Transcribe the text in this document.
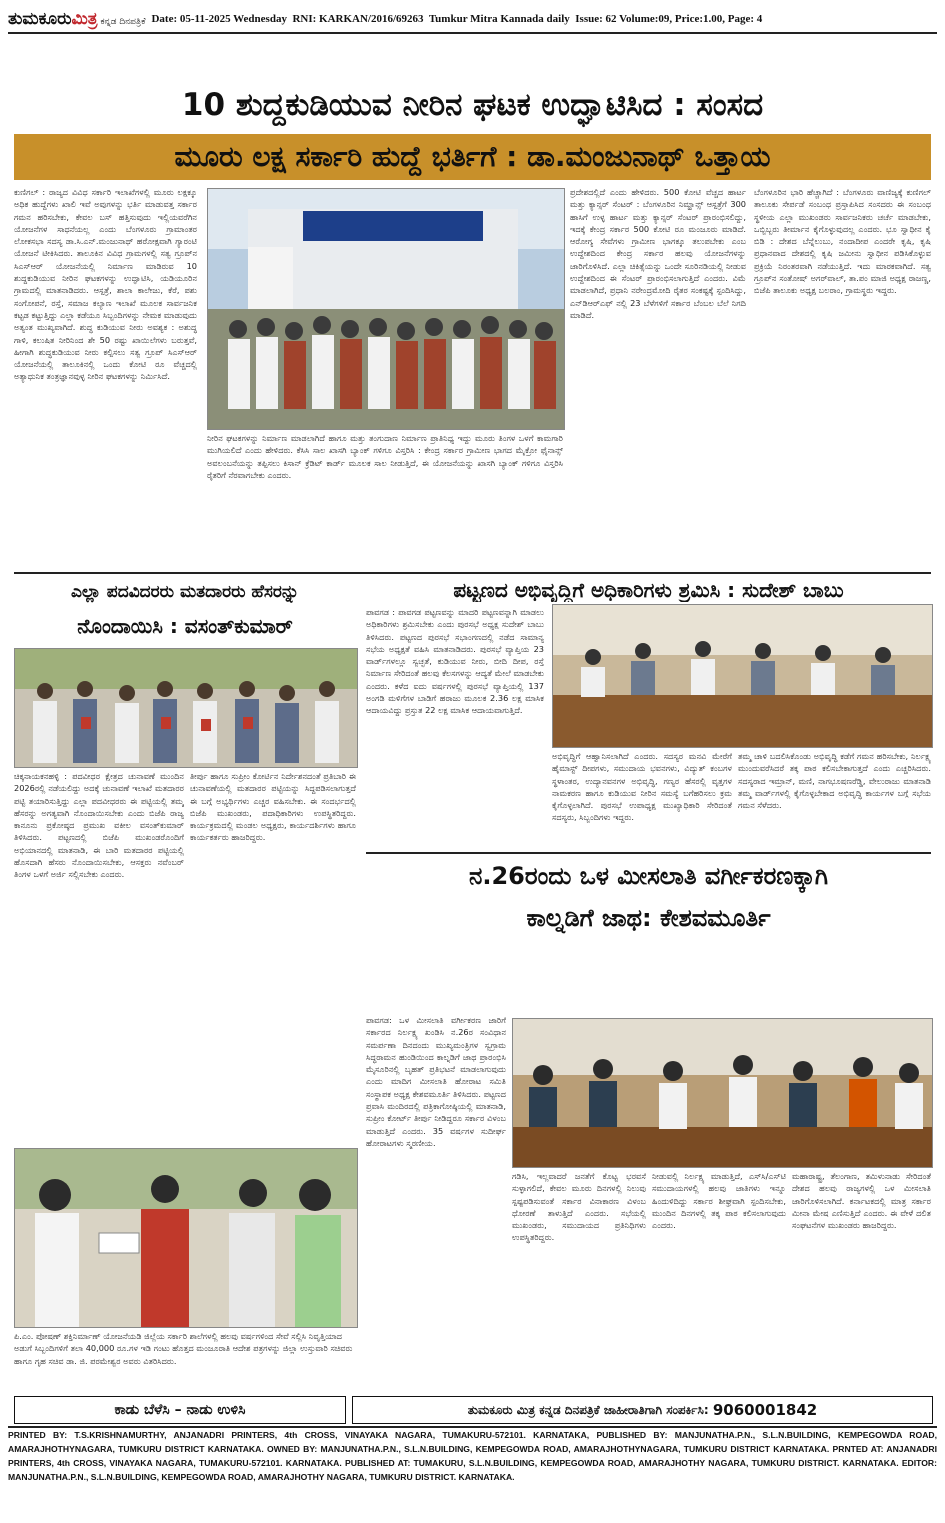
ತುಮಕೂರುಮಿತ್ರ ಕನ್ನಡ ದಿನಪತ್ರಿಕೆ Date: 05-11-2025 Wednesday RNI: KARKAN/2016/69263 Tumkur Mitra Kannada daily Issue: 62 Volume:09, Price:1.00, Page: 4
10 ಶುದ್ದಕುಡಿಯುವ ನೀರಿನ ಘಟಕ ಉದ್ಘಾಟಿಸಿದ : ಸಂಸದ
ಮೂರು ಲಕ್ಷ ಸರ್ಕಾರಿ ಹುದ್ದೆ ಭರ್ತಿಗೆ : ಡಾ.ಮಂಜುನಾಥ್ ಒತ್ತಾಯ

ಕುಣಿಗಲ್ : ರಾಜ್ಯದ ವಿವಿಧ ಸರ್ಕಾರಿ ಇಲಾಖೆಗಳಲ್ಲಿ ಮೂರು ಲಕ್ಷಕ್ಕೂ ಅಧಿಕ ಹುದ್ದೆಗಳು ಖಾಲಿ ಇವೆ ಅವುಗಳನ್ನು ಭರ್ತಿ ಮಾಡುವತ್ತ ಸರ್ಕಾರ ಗಮನ ಹರಿಸಬೇಕು, ಕೇವಲ ಬಸ್ ಹತ್ತಿಸುವುದು ಇಲ್ಲಿಯವರೆಗಿನ ಯೋಜನೆಗಳ ಸಾಧನೆಯಲ್ಲ ಎಂದು ಬೆಂಗಳೂರು ಗ್ರಾಮಾಂತರ ಲೋಕಸಭಾ ಸದಸ್ಯ ಡಾ.ಸಿ.ಎನ್.ಮಂಜುನಾಥ್ ಹರೋಕ್ಷವಾಗಿ ಗ್ಯಾರಂಟಿ ಯೋಜನೆ ಟೀಕಿಸಿದರು. ತಾಲೂಕಿನ ವಿವಿಧ ಗ್ರಾಮಗಳಲ್ಲಿ ಸತ್ವ ಗ್ರೂಪ್‌ನ ಸಿಎಸ್‌ಆರ್ ಯೋಜನೆಯಲ್ಲಿ ನಿರ್ಮಾಣ ಮಾಡಿರುವ 10 ಶುದ್ದಕುಡಿಯುವ ನೀರಿನ ಘಟಕಗಳನ್ನು ಉದ್ಘಾಟಿಸಿ, ಯಡಿಯೂರಿನ ಗ್ರಾಮದಲ್ಲಿ ಮಾತನಾಡಿದರು. ಆಸ್ಪತ್ರೆ, ಶಾಲಾ ಕಾಲೇಜು, ಕೆರೆ, ಪಶು ಸಂಗೋಪನೆ, ರಸ್ತೆ, ಸಮಾಜ ಕಲ್ಯಾಣ ಇಲಾಖೆ ಮೂಲಕ ಸಾರ್ವಜನಿಕ ಕಟ್ಟಡ ಕಟ್ಟುತ್ತಿದ್ದು ಎಲ್ಲಾ ಕಡೆಯೂ ಸಿಬ್ಬಂದಿಗಳನ್ನು ನೇಮಕ ಮಾಡುವುದು ಅತ್ಯಂತ ಮುಖ್ಯವಾಗಿದೆ. ಶುದ್ಧ ಕುಡಿಯುವ ನೀರು ಅವಶ್ಯಕ : ಅಶುದ್ಧ ಗಾಳಿ, ಕಲುಷಿತ ನೀರಿನಿಂದ ಶೇ 50 ರಷ್ಟು ಖಾಯಿಲೆಗಳು ಬರುತ್ತವೆ, ಹೀಗಾಗಿ ಶುದ್ಧಕುಡಿಯುವ ನೀರು ಕಲ್ಪಿಸಲು ಸತ್ವ ಗ್ರೂಪ್ ಸಿಎಸ್‌ಆರ್ ಯೋಜನೆಯಲ್ಲಿ ತಾಲೂಕಿನಲ್ಲಿ ಒಂದು ಕೋಟಿ ರೂ ವೆಚ್ಚದಲ್ಲಿ ಅತ್ಯಾಧುನಿಕ ತಂತ್ರಜ್ಞಾನವುಳ್ಳ ನೀರಿನ ಘಟಕಗಳನ್ನು ನಿರ್ಮಿಸಿದೆ.

ನೀರಿನ ಘಟಕಗಳನ್ನು ನಿರ್ಮಾಣ ಮಾಡಲಾಗಿದೆ ಹಾಗೂ ಮತ್ತು ತಂಗುದಾಣ ನಿರ್ಮಾಣ ಪ್ರಾತಿನಿಧ್ಯ ಇದ್ದು ಮೂರು ತಿಂಗಳ ಒಳಗೆ ಕಾಮಗಾರಿ ಮುಗಿಯಲಿದೆ ಎಂದು ಹೇಳಿದರು. ಕೆಸಿಸಿ ಸಾಲ ಖಾಸಗಿ ಬ್ಯಾಂಕ್ ಗಳಿಗೂ ವಿಸ್ತರಿಸಿ : ಕೇಂದ್ರ ಸರ್ಕಾರ ಗ್ರಾಮೀಣ ಭಾಗದ ಮೈಕ್ರೋ ಫೈನಾನ್ಸ್ ಅವಲಂಬನೆಯನ್ನು ತಪ್ಪಿಸಲು ಕಿಸಾನ್ ಕ್ರೆಡಿಟ್ ಕಾರ್ಡ್ ಮೂಲಕ ಸಾಲ ನೀಡುತ್ತಿದೆ, ಈ ಯೋಜನೆಯನ್ನು ಖಾಸಗಿ ಬ್ಯಾಂಕ್ ಗಳಿಗೂ ವಿಸ್ತರಿಸಿ ರೈತರಿಗೆ ನೆರವಾಗಬೇಕು ಎಂದರು.

ಪ್ರದೇಶದಲ್ಲಿದೆ ಎಂದು ಹೇಳಿದರು. 500 ಕೋಟಿ ವೆಚ್ಚದ ಹಾರ್ಟ ಮತ್ತು ಕ್ಯಾನ್ಸರ್ ಸೆಂಟರ್ : ಬೆಂಗಳೂರಿನ ನಿಮ್ಹಾನ್ಸ್ ಆಸ್ಪತ್ರೆಗೆ 300 ಹಾಸಿಗೆ ಉಳ್ಳ ಹಾರ್ಟ ಮತ್ತು ಕ್ಯಾನ್ಸರ್ ಸೆಂಟರ್ ಪ್ರಾರಂಭಿಸಲಿದ್ದು, ಇದಕ್ಕೆ ಕೇಂದ್ರ ಸರ್ಕಾರ 500 ಕೋಟಿ ರೂ ಮಂಜೂರು ಮಾಡಿದೆ. ಆರೋಗ್ಯ ಸೇವೆಗಳು ಗ್ರಾಮೀಣ ಭಾಗಕ್ಕೂ ತಲುಪಬೇಕು ಎಂಬ ಉದ್ದೇಶದಿಂದ ಕೇಂದ್ರ ಸರ್ಕಾರ ಹಲವು ಯೋಜನೆಗಳನ್ನು ಜಾರಿಗೊಳಿಸಿದೆ. ಎಲ್ಲಾ ಚಿಕಿತ್ಸೆಯನ್ನು ಒಂದೇ ಸೂರಿನಡಿಯಲ್ಲಿ ನೀಡುವ ಉದ್ದೇಶದಿಂದ ಈ ಸೆಂಟರ್ ಪ್ರಾರಂಭಿಸಲಾಗುತ್ತಿದೆ ಎಂದರು. ವಿಮೆ ಮಾಡಲಾಗಿದೆ, ಪ್ರಧಾನಿ ನರೇಂದ್ರಮೋದಿ ರೈತರ ಸಂಕಷ್ಟಕ್ಕೆ ಸ್ಪಂದಿಸಿದ್ದು, ಎನ್‌ಡಿಆರ್‌ಎಫ್ ನಲ್ಲಿ 23 ಬೆಳೆಗಳಿಗೆ ಸರ್ಕಾರ ಬೆಂಬಲ ಬೆಲೆ ನಿಗದಿ ಮಾಡಿದೆ.

ಬೆಂಗಳೂರಿನ ಭಾರಿ ಹೆಚ್ಚಾಗಿದೆ : ಬೆಂಗಳೂರು ವಾಣಿಜ್ಯಕ್ಕೆ ಕುಣಿಗಲ್ ತಾಲೂಕು ಸೇರ್ಪಡೆ ಸಂಬಂಧ ಪ್ರಸ್ತಾಪಿಸಿದ ಸಂಸದರು ಈ ಸಂಬಂಧ ಸ್ಥಳೀಯ ಎಲ್ಲಾ ಮುಖಂಡರು ಸಾರ್ವಜನಿಕರು ಚರ್ಚೆ ಮಾಡಬೇಕು, ಒಬ್ಬಿಬ್ಬರು ತೀರ್ಮಾನ ಕೈಗೊಳ್ಳುವುದಲ್ಲ ಎಂದರು. ಭೂ ಸ್ವಾಧೀನ ಕೈ ಬಿಡಿ : ದೇಶದ ಬೆನ್ನೆಲುಬು, ನಂದಾದೀಪ ಎಂದರೇ ಕೃಷಿ, ಕೃಷಿ ಪ್ರಧಾನವಾದ ದೇಶದಲ್ಲಿ ಕೃಷಿ ಜಮೀನು ಸ್ವಾಧೀನ ಪಡಿಸಿಕೊಳ್ಳುವ ಪ್ರಕ್ರಿಯೆ ನಿರಂತರವಾಗಿ ನಡೆಯುತ್ತಿದೆ. ಇದು ಮಾರಕವಾಗಿದೆ. ಸತ್ವ ಗ್ರೂಪ್‌ನ ಸಂತೋಷ್ ಅಗರ್‌ವಾಲ್, ತಾ.ಪಂ ಮಾಜಿ ಅಧ್ಯಕ್ಷ ರಾಜಣ್ಣ, ಬಿಜೆಪಿ ತಾಲೂಕು ಅಧ್ಯಕ್ಷ ಬಲರಾಂ, ಗ್ರಾಮಸ್ಥರು ಇದ್ದರು.

ಎಲ್ಲಾ ಪದವಿದರರು ಮತದಾರರು ಹೆಸರನ್ನು
ನೊಂದಾಯಿಸಿ : ವಸಂತ್‌ಕುಮಾರ್

ಚಿಕ್ಕನಾಯಕನಹಳ್ಳಿ : ಪದವೀಧರ ಕ್ಷೇತ್ರದ ಚುನಾವಣೆ ಮುಂದಿನ 2026ರಲ್ಲಿ ನಡೆಯಲಿದ್ದು ಅದಕ್ಕೆ ಚುನಾವಣೆ ಇಲಾಖೆ ಮತದಾರರ ಪಟ್ಟಿ ತಯಾರಿಸುತ್ತಿದ್ದು ಎಲ್ಲಾ ಪದವೀಧರರು ಈ ಪಟ್ಟಿಯಲ್ಲಿ ತಮ್ಮ ಹೆಸರನ್ನು ಅಗತ್ಯವಾಗಿ ನೊಂದಾಯಿಸಬೇಕು ಎಂದು ಬಿಜೆಪಿ ರಾಜ್ಯ ಕಾನೂನು ಪ್ರಕೋಷ್ಠದ ಪ್ರಮುಖ ವಕೀಲ ವಸಂತ್‌ಕುಮಾರ್ ತಿಳಿಸಿದರು. ಪಟ್ಟಣದಲ್ಲಿ ಬಿಜೆಪಿ ಮುಖಂಡರೊಂದಿಗೆ ಅಭಿಯಾನದಲ್ಲಿ ಮಾತನಾಡಿ, ಈ ಬಾರಿ ಮತದಾರರ ಪಟ್ಟಿಯಲ್ಲಿ ಹೊಸದಾಗಿ ಹೆಸರು ನೊಂದಾಯಿಸಬೇಕು, ಆಸಕ್ತರು ನವೆಂಬರ್ ತಿಂಗಳ ಒಳಗೆ ಅರ್ಜಿ ಸಲ್ಲಿಸಬೇಕು ಎಂದರು.

ತೀರ್ಪು ಹಾಗೂ ಸುಪ್ರೀಂ ಕೋರ್ಟಿನ ನಿರ್ದೇಶನದಂತೆ ಪ್ರತಿಬಾರಿ ಈ ಚುನಾವಣೆಯಲ್ಲಿ ಮತದಾರರ ಪಟ್ಟಿಯನ್ನು ಸಿದ್ದಪಡಿಸಲಾಗುತ್ತದೆ ಈ ಬಗ್ಗೆ ಅಭ್ಯರ್ಥಿಗಳು ಎಚ್ಚರ ವಹಿಸಬೇಕು. ಈ ಸಂದರ್ಭದಲ್ಲಿ ಬಿಜೆಪಿ ಮುಖಂಡರು, ಪದಾಧಿಕಾರಿಗಳು ಉಪಸ್ಥಿತರಿದ್ದರು. ಕಾರ್ಯಕ್ರಮದಲ್ಲಿ ಮಂಡಲ ಅಧ್ಯಕ್ಷರು, ಕಾರ್ಯದರ್ಶಿಗಳು ಹಾಗೂ ಕಾರ್ಯಕರ್ತರು ಹಾಜರಿದ್ದರು.

ಪಟ್ಟಣದ ಅಭಿವೃದ್ಧಿಗೆ ಅಧಿಕಾರಿಗಳು ಶ್ರಮಿಸಿ : ಸುದೇಶ್ ಬಾಬು

ಪಾವಗಡ : ಪಾವಗಡ ಪಟ್ಟಣವನ್ನು ಮಾದರಿ ಪಟ್ಟಣವನ್ನಾಗಿ ಮಾಡಲು ಅಧಿಕಾರಿಗಳು ಶ್ರಮಿಸಬೇಕು ಎಂದು ಪುರಸಭೆ ಅಧ್ಯಕ್ಷ ಸುದೇಶ್ ಬಾಬು ತಿಳಿಸಿದರು. ಪಟ್ಟಣದ ಪುರಸಭೆ ಸಭಾಂಗಣದಲ್ಲಿ ನಡೆದ ಸಾಮಾನ್ಯ ಸಭೆಯ ಅಧ್ಯಕ್ಷತೆ ವಹಿಸಿ ಮಾತನಾಡಿದರು. ಪುರಸಭೆ ವ್ಯಾಪ್ತಿಯ 23 ವಾರ್ಡ್‌ಗಳಲ್ಲೂ ಸ್ವಚ್ಛತೆ, ಕುಡಿಯುವ ನೀರು, ಬೀದಿ ದೀಪ, ರಸ್ತೆ ನಿರ್ಮಾಣ ಸೇರಿದಂತೆ ಹಲವು ಕೆಲಸಗಳನ್ನು ಆದ್ಯತೆ ಮೇಲೆ ಮಾಡಬೇಕು ಎಂದರು. ಕಳೆದ ಐದು ವರ್ಷಗಳಲ್ಲಿ ಪುರಸಭೆ ವ್ಯಾಪ್ತಿಯಲ್ಲಿ 137 ಅಂಗಡಿ ಮಳಿಗೆಗಳ ಬಾಡಿಗೆ ಹರಾಜು ಮೂಲಕ 2.36 ಲಕ್ಷ ಮಾಸಿಕ ಆದಾಯವಿದ್ದು ಪ್ರಸ್ತುತ 22 ಲಕ್ಷ ಮಾಸಿಕ ಆದಾಯವಾಗುತ್ತಿದೆ.

ಅಭಿವೃದ್ಧಿಗೆ ಆಹ್ವಾನಿಸಲಾಗಿದೆ ಎಂದರು. ಸದಸ್ಯರ ಮನವಿ ಮೇರೆಗೆ ಹೈಮಾಸ್ಟ್ ದೀಪಗಳು, ಸಮುದಾಯ ಭವನಗಳು, ವಿದ್ಯುತ್ ಕಂಬಗಳ ಸ್ಥಳಾಂತರ, ಉದ್ಯಾನವನಗಳ ಅಭಿವೃದ್ಧಿ, ಗಣ್ಯರ ಹೆಸರಲ್ಲಿ ವೃತ್ತಗಳ ನಾಮಕರಣ ಹಾಗೂ ಕುಡಿಯುವ ನೀರಿನ ಸಮಸ್ಯೆ ಬಗೆಹರಿಸಲು ಕ್ರಮ ಕೈಗೊಳ್ಳಲಾಗಿದೆ. ಪುರಸಭೆ ಉಪಾಧ್ಯಕ್ಷ ಮುಖ್ಯಾಧಿಕಾರಿ ಸೇರಿದಂತೆ ಸದಸ್ಯರು, ಸಿಬ್ಬಂದಿಗಳು ಇದ್ದರು.

ತಮ್ಮ ಚಾಳಿ ಬದಲಿಸಿಕೊಂಡು ಅಭಿವೃದ್ಧಿ ಕಡೆಗೆ ಗಮನ ಹರಿಸಬೇಕು, ನಿರ್ಲಕ್ಷ್ಯ ಮುಂದುವರೆಸಿದರೆ ತಕ್ಕ ಪಾಠ ಕಲಿಸಬೇಕಾಗುತ್ತದೆ ಎಂದು ಎಚ್ಚರಿಸಿದರು. ಸದಸ್ಯರಾದ ಇಮ್ರಾನ್, ಮಣಿ, ನಾಗಭೂಷಣರೆಡ್ಡಿ, ವೇಲುರಾಜು ಮಾತನಾಡಿ ತಮ್ಮ ವಾರ್ಡ್‌ಗಳಲ್ಲಿ ಕೈಗೊಳ್ಳಬೇಕಾದ ಅಭಿವೃದ್ಧಿ ಕಾರ್ಯಗಳ ಬಗ್ಗೆ ಸಭೆಯ ಗಮನ ಸೆಳೆದರು.

ನ.26ರಂದು ಒಳ ಮೀಸಲಾತಿ ವರ್ಗೀಕರಣಕ್ಕಾಗಿ
ಕಾಲ್ನಡಿಗೆ ಜಾಥ: ಕೇಶವಮೂರ್ತಿ

ಪಾವಗಡ: ಒಳ ಮೀಸಲಾತಿ ವರ್ಗೀಕರಣ ಜಾರಿಗೆ ಸರ್ಕಾರದ ನಿರ್ಲಕ್ಷ್ಯ ಖಂಡಿಸಿ ನ.26ರ ಸಂವಿಧಾನ ಸಮರ್ಪಣಾ ದಿನದಂದು ಮುಖ್ಯಮಂತ್ರಿಗಳ ಸ್ವಗ್ರಾಮ ಸಿದ್ಧರಾಮನ ಹುಂಡಿಯಿಂದ ಕಾಲ್ನಡಿಗೆ ಜಾಥ ಪ್ರಾರಂಭಿಸಿ ಮೈಸೂರಿನಲ್ಲಿ ಬೃಹತ್ ಪ್ರತಿಭಟನೆ ಮಾಡಲಾಗುವುದು ಎಂದು ಮಾದಿಗ ಮೀಸಲಾತಿ ಹೋರಾಟ ಸಮಿತಿ ಸಂಸ್ಥಾಪಕ ಅಧ್ಯಕ್ಷ ಕೇಶವಮೂರ್ತಿ ತಿಳಿಸಿದರು. ಪಟ್ಟಣದ ಪ್ರವಾಸಿ ಮಂದಿರದಲ್ಲಿ ಪತ್ರಿಕಾಗೋಷ್ಠಿಯಲ್ಲಿ ಮಾತನಾಡಿ, ಸುಪ್ರೀಂ ಕೋರ್ಟ್ ತೀರ್ಪು ನೀಡಿದ್ದರೂ ಸರ್ಕಾರ ವಿಳಂಬ ಮಾಡುತ್ತಿದೆ ಎಂದರು. 35 ವರ್ಷಗಳ ಸುದೀರ್ಘ ಹೋರಾಟಗಳು ಸ್ಮರಣೀಯ.

ಗಡಿಸಿ, ಇಲ್ಲವಾದರೆ ಜನತೆಗೆ ಕೊಟ್ಟ ಭರವಸೆ ಸುಳ್ಳಾಗಲಿದೆ, ಕೇವಲ ಮೂರು ದಿನಗಳಲ್ಲಿ ನಿಲುವು ಸ್ಪಷ್ಟಪಡಿಸುವಂತೆ ಸರ್ಕಾರ ವಿನಾಕಾರಣ ವಿಳಂಬ ಧೋರಣೆ ತಾಳುತ್ತಿದೆ ಎಂದರು. ಸಭೆಯಲ್ಲಿ ಮುಖಂಡರು, ಸಮುದಾಯದ ಪ್ರತಿನಿಧಿಗಳು ಉಪಸ್ಥಿತರಿದ್ದರು.

ನೀಡುವಲ್ಲಿ ನಿರ್ಲಕ್ಷ್ಯ ಮಾಡುತ್ತಿದೆ, ಎಸ್‌ಸಿ/ಎಸ್‌ಟಿ ಸಮುದಾಯಗಳಲ್ಲಿ ಹಲವು ಜಾತಿಗಳು ಇನ್ನೂ ಹಿಂದುಳಿದಿದ್ದು ಸರ್ಕಾರ ಶೀಘ್ರವಾಗಿ ಸ್ಪಂದಿಸಬೇಕು, ಮುಂದಿನ ದಿನಗಳಲ್ಲಿ ತಕ್ಕ ಪಾಠ ಕಲಿಸಲಾಗುವುದು ಎಂದರು.

ಮಹಾರಾಷ್ಟ್ರ, ತೆಲಂಗಾಣ, ತಮಿಳುನಾಡು ಸೇರಿದಂತೆ ದೇಶದ ಹಲವು ರಾಜ್ಯಗಳಲ್ಲಿ ಒಳ ಮೀಸಲಾತಿ ಜಾರಿಗೊಳಿಸಲಾಗಿದೆ. ಕರ್ನಾಟಕದಲ್ಲಿ ಮಾತ್ರ ಸರ್ಕಾರ ಮೀನಾ ಮೇಷ ಎಣಿಸುತ್ತಿದೆ ಎಂದರು. ಈ ವೇಳೆ ದಲಿತ ಸಂಘಟನೆಗಳ ಮುಖಂಡರು ಹಾಜರಿದ್ದರು.

ಪಿ.ಎಂ. ಪೋಷಣ್ ಶಕ್ತಿನಿರ್ಮಾಣ್ ಯೋಜನೆಯಡಿ ಜಿಲ್ಲೆಯ ಸರ್ಕಾರಿ ಶಾಲೆಗಳಲ್ಲಿ ಹಲವು ವರ್ಷಗಳಿಂದ ಸೇವೆ ಸಲ್ಲಿಸಿ ನಿವೃತ್ತಿಯಾದ ಅಡುಗೆ ಸಿಬ್ಬಂದಿಗಳಿಗೆ ತಲಾ 40,000 ರೂ.ಗಳ ಇಡಿ ಗಂಟು ಹೊತ್ತದ ಮಂಜೂರಾತಿ ಆದೇಶ ಪತ್ರಗಳನ್ನು ಜಿಲ್ಲಾ ಉಸ್ತುವಾರಿ ಸಚಿವರು ಹಾಗೂ ಗೃಹ ಸಚಿವ ಡಾ. ಜಿ. ಪರಮೇಶ್ವರ ಅವರು ವಿತರಿಸಿದರು.
ಕಾಡು ಬೆಳೆಸಿ – ನಾಡು ಉಳಿಸಿ	ತುಮಕೂರು ಮಿತ್ರ ಕನ್ನಡ ದಿನಪತ್ರಿಕೆ ಜಾಹೀರಾತಿಗಾಗಿ ಸಂಪರ್ಕಿಸಿ:
9060001842
PRINTED BY: T.S.KRISHNAMURTHY, ANJANADRI PRINTERS, 4th CROSS, VINAYAKA NAGARA, TUMAKURU-572101. KARNATAKA, PUBLISHED BY: MANJUNATHA.P.N., S.L.N.BUILDING, KEMPEGOWDA ROAD, AMARAJHOTHYNAGARA, TUMKURU DISTRICT KARNATAKA. OWNED BY: MANJUNATHA.P.N., S.L.N.BUILDING, KEMPEGOWDA ROAD, AMARAJHOTHYNAGARA, TUMKURU DISTRICT KARNATAKA. PRNTED AT: ANJANADRI PRINTERS, 4th CROSS, VINAYAKA NAGARA, TUMAKURU-572101. KARNATAKA. PUBLISHED AT: TUMAKURU, S.L.N.BUILDING, KEMPEGOWDA ROAD, AMARAJHOTHY NAGARA, TUMKURU DISTRICT. KARNATAKA. EDITOR: MANJUNATHA.P.N., S.L.N.BUILDING, KEMPEGOWDA ROAD, AMARAJHOTHY NAGARA, TUMKURU DISTRICT. KARNATAKA.
